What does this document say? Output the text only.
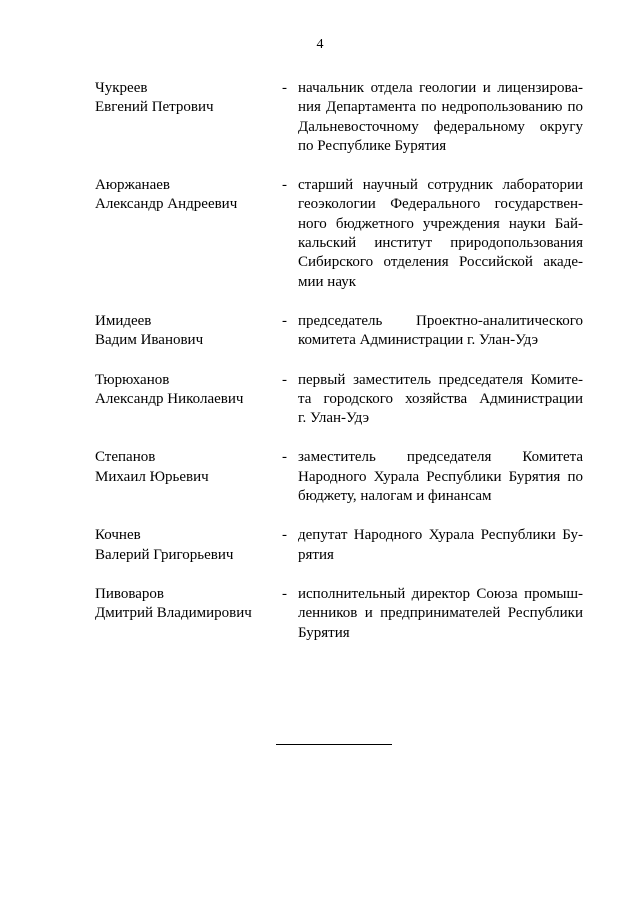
4
Чукреев
Евгений Петрович
- начальник отдела геологии и лицензирова-
ния Департамента по недропользованию по
Дальневосточному федеральному округу
по Республике Бурятия
Аюржанаев
Александр Андреевич
- старший научный сотрудник лаборатории
геоэкологии Федерального государствен-
ного бюджетного учреждения науки Бай-
кальский институт природопользования
Сибирского отделения Российской акаде-
мии наук
Имидеев
Вадим Иванович
- председатель Проектно-аналитического
комитета Администрации г. Улан-Удэ
Тюрюханов
Александр Николаевич
- первый заместитель председателя Комите-
та городского хозяйства Администрации
г. Улан-Удэ
Степанов
Михаил Юрьевич
- заместитель председателя Комитета
Народного Хурала Республики Бурятия по
бюджету, налогам и финансам
Кочнев
Валерий Григорьевич
- депутат Народного Хурала Республики Бу-
рятия
Пивоваров
Дмитрий Владимирович
- исполнительный директор Союза промыш-
ленников и предпринимателей Республики
Бурятия
